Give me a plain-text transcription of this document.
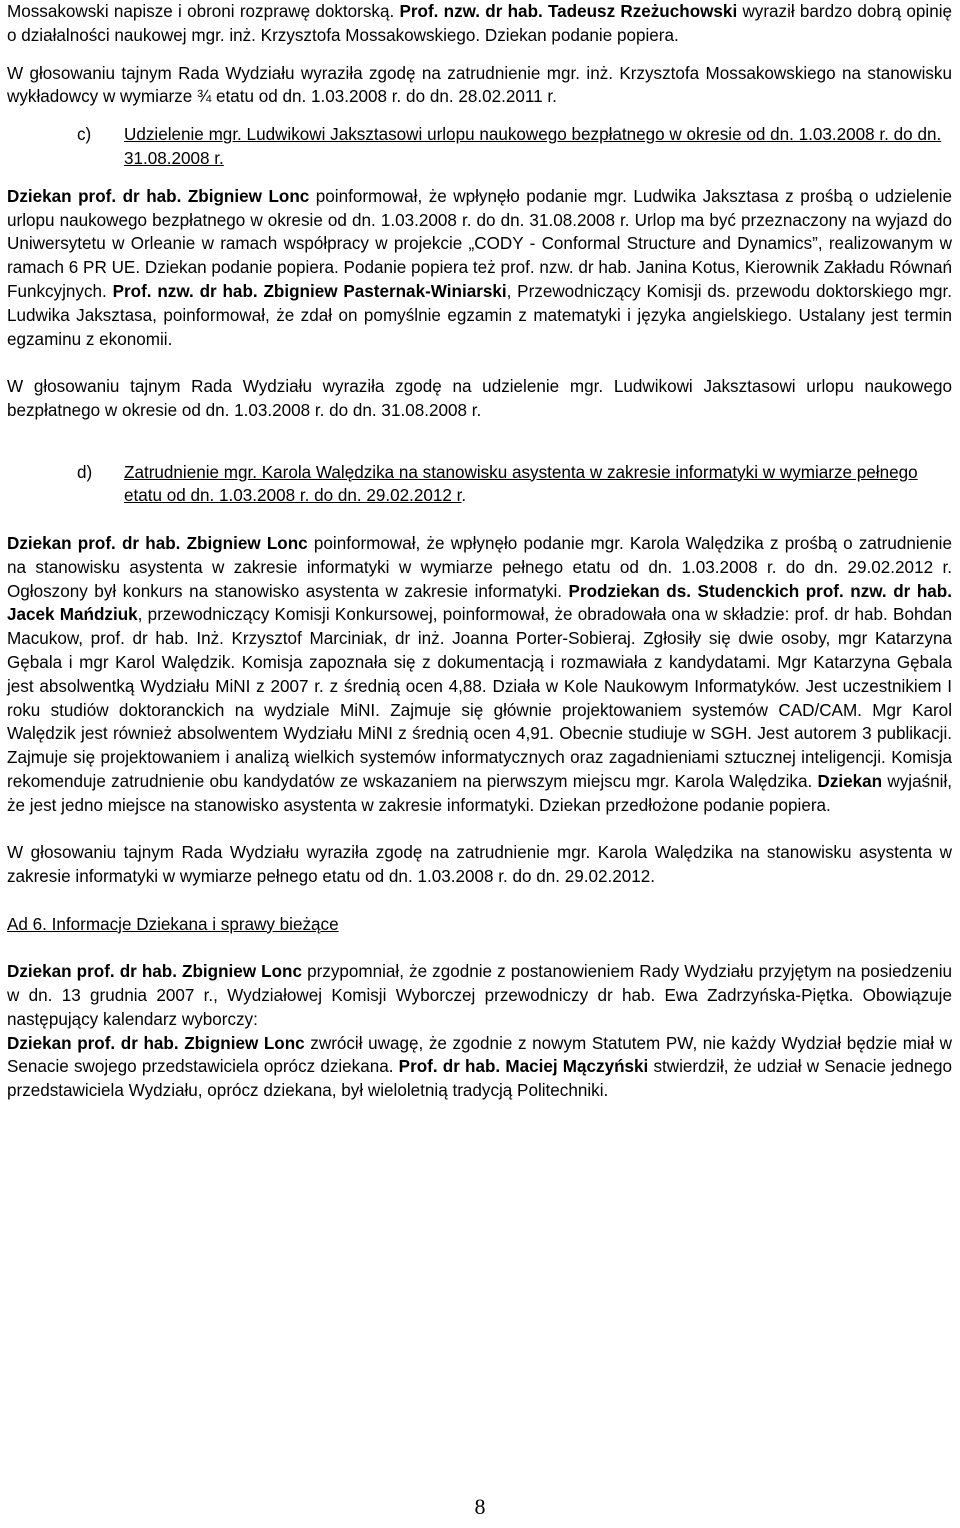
Mossakowski napisze i obroni rozprawę doktorską. Prof. nzw. dr hab. Tadeusz Rzeżuchowski wyraził bardzo dobrą opinię o działalności naukowej mgr. inż. Krzysztofa Mossakowskiego. Dziekan podanie popiera.

W głosowaniu tajnym Rada Wydziału wyraziła zgodę na zatrudnienie mgr. inż. Krzysztofa Mossakowskiego na stanowisku wykładowcy w wymiarze ¾ etatu od dn. 1.03.2008 r. do dn. 28.02.2011 r.

c)	Udzielenie mgr. Ludwikowi Jaksztasowi urlopu naukowego bezpłatnego w okresie od dn. 1.03.2008 r. do dn. 31.08.2008 r.

Dziekan prof. dr hab. Zbigniew Lonc poinformował, że wpłynęło podanie mgr. Ludwika Jaksztasa z prośbą o udzielenie urlopu naukowego bezpłatnego w okresie od dn. 1.03.2008 r. do dn. 31.08.2008 r. Urlop ma być przeznaczony na wyjazd do Uniwersytetu w Orleanie w ramach współpracy w projekcie „CODY - Conformal Structure and Dynamics”, realizowanym w ramach 6 PR UE. Dziekan podanie popiera. Podanie popiera też prof. nzw. dr hab. Janina Kotus, Kierownik Zakładu Równań Funkcyjnych. Prof. nzw. dr hab. Zbigniew Pasternak-Winiarski, Przewodniczący Komisji ds. przewodu doktorskiego mgr. Ludwika Jaksztasa, poinformował, że zdał on pomyślnie egzamin z matematyki i języka angielskiego. Ustalany jest termin egzaminu z ekonomii.

W głosowaniu tajnym Rada Wydziału wyraziła zgodę na udzielenie mgr. Ludwikowi Jaksztasowi urlopu naukowego bezpłatnego w okresie od dn. 1.03.2008 r. do dn. 31.08.2008 r.

d)	Zatrudnienie mgr. Karola Walędzika na stanowisku asystenta w zakresie informatyki w wymiarze pełnego etatu od dn. 1.03.2008 r. do dn. 29.02.2012 r.

Dziekan prof. dr hab. Zbigniew Lonc poinformował, że wpłynęło podanie mgr. Karola Walędzika z prośbą o zatrudnienie na stanowisku asystenta w zakresie informatyki w wymiarze pełnego etatu od dn. 1.03.2008 r. do dn. 29.02.2012 r. Ogłoszony był konkurs na stanowisko asystenta w zakresie informatyki. Prodziekan ds. Studenckich prof. nzw. dr hab. Jacek Mańdziuk, przewodniczący Komisji Konkursowej, poinformował, że obradowała ona w składzie: prof. dr hab. Bohdan Macukow, prof. dr hab. Inż. Krzysztof Marciniak, dr inż. Joanna Porter-Sobieraj. Zgłosiły się dwie osoby, mgr Katarzyna Gębala i mgr Karol Walędzik. Komisja zapoznała się z dokumentacją i rozmawiała z kandydatami. Mgr Katarzyna Gębala jest absolwentką Wydziału MiNI z 2007 r. z średnią ocen 4,88. Działa w Kole Naukowym Informatyków. Jest uczestnikiem I roku studiów doktoranckich na wydziale MiNI. Zajmuje się głównie projektowaniem systemów CAD/CAM. Mgr Karol Walędzik jest również absolwentem Wydziału MiNI z średnią ocen 4,91. Obecnie studiuje w SGH. Jest autorem 3 publikacji. Zajmuje się projektowaniem i analizą wielkich systemów informatycznych oraz zagadnieniami sztucznej inteligencji. Komisja rekomenduje zatrudnienie obu kandydatów ze wskazaniem na pierwszym miejscu mgr. Karola Walędzika. Dziekan wyjaśnił, że jest jedno miejsce na stanowisko asystenta w zakresie informatyki. Dziekan przedłożone podanie popiera.

W głosowaniu tajnym Rada Wydziału wyraziła zgodę na zatrudnienie mgr. Karola Walędzika na stanowisku asystenta w zakresie informatyki w wymiarze pełnego etatu od dn. 1.03.2008 r. do dn. 29.02.2012.

Ad 6. Informacje Dziekana i sprawy bieżące

Dziekan prof. dr hab. Zbigniew Lonc przypomniał, że zgodnie z postanowieniem Rady Wydziału przyjętym na posiedzeniu w dn. 13 grudnia 2007 r., Wydziałowej Komisji Wyborczej przewodniczy dr hab. Ewa Zadrzyńska-Piętka. Obowiązuje następujący kalendarz wyborczy:

Dziekan prof. dr hab. Zbigniew Lonc zwrócił uwagę, że zgodnie z nowym Statutem PW, nie każdy Wydział będzie miał w Senacie swojego przedstawiciela oprócz dziekana. Prof. dr hab. Maciej Mączyński stwierdził, że udział w Senacie jednego przedstawiciela Wydziału, oprócz dziekana, był wieloletnią tradycją Politechniki.

8
